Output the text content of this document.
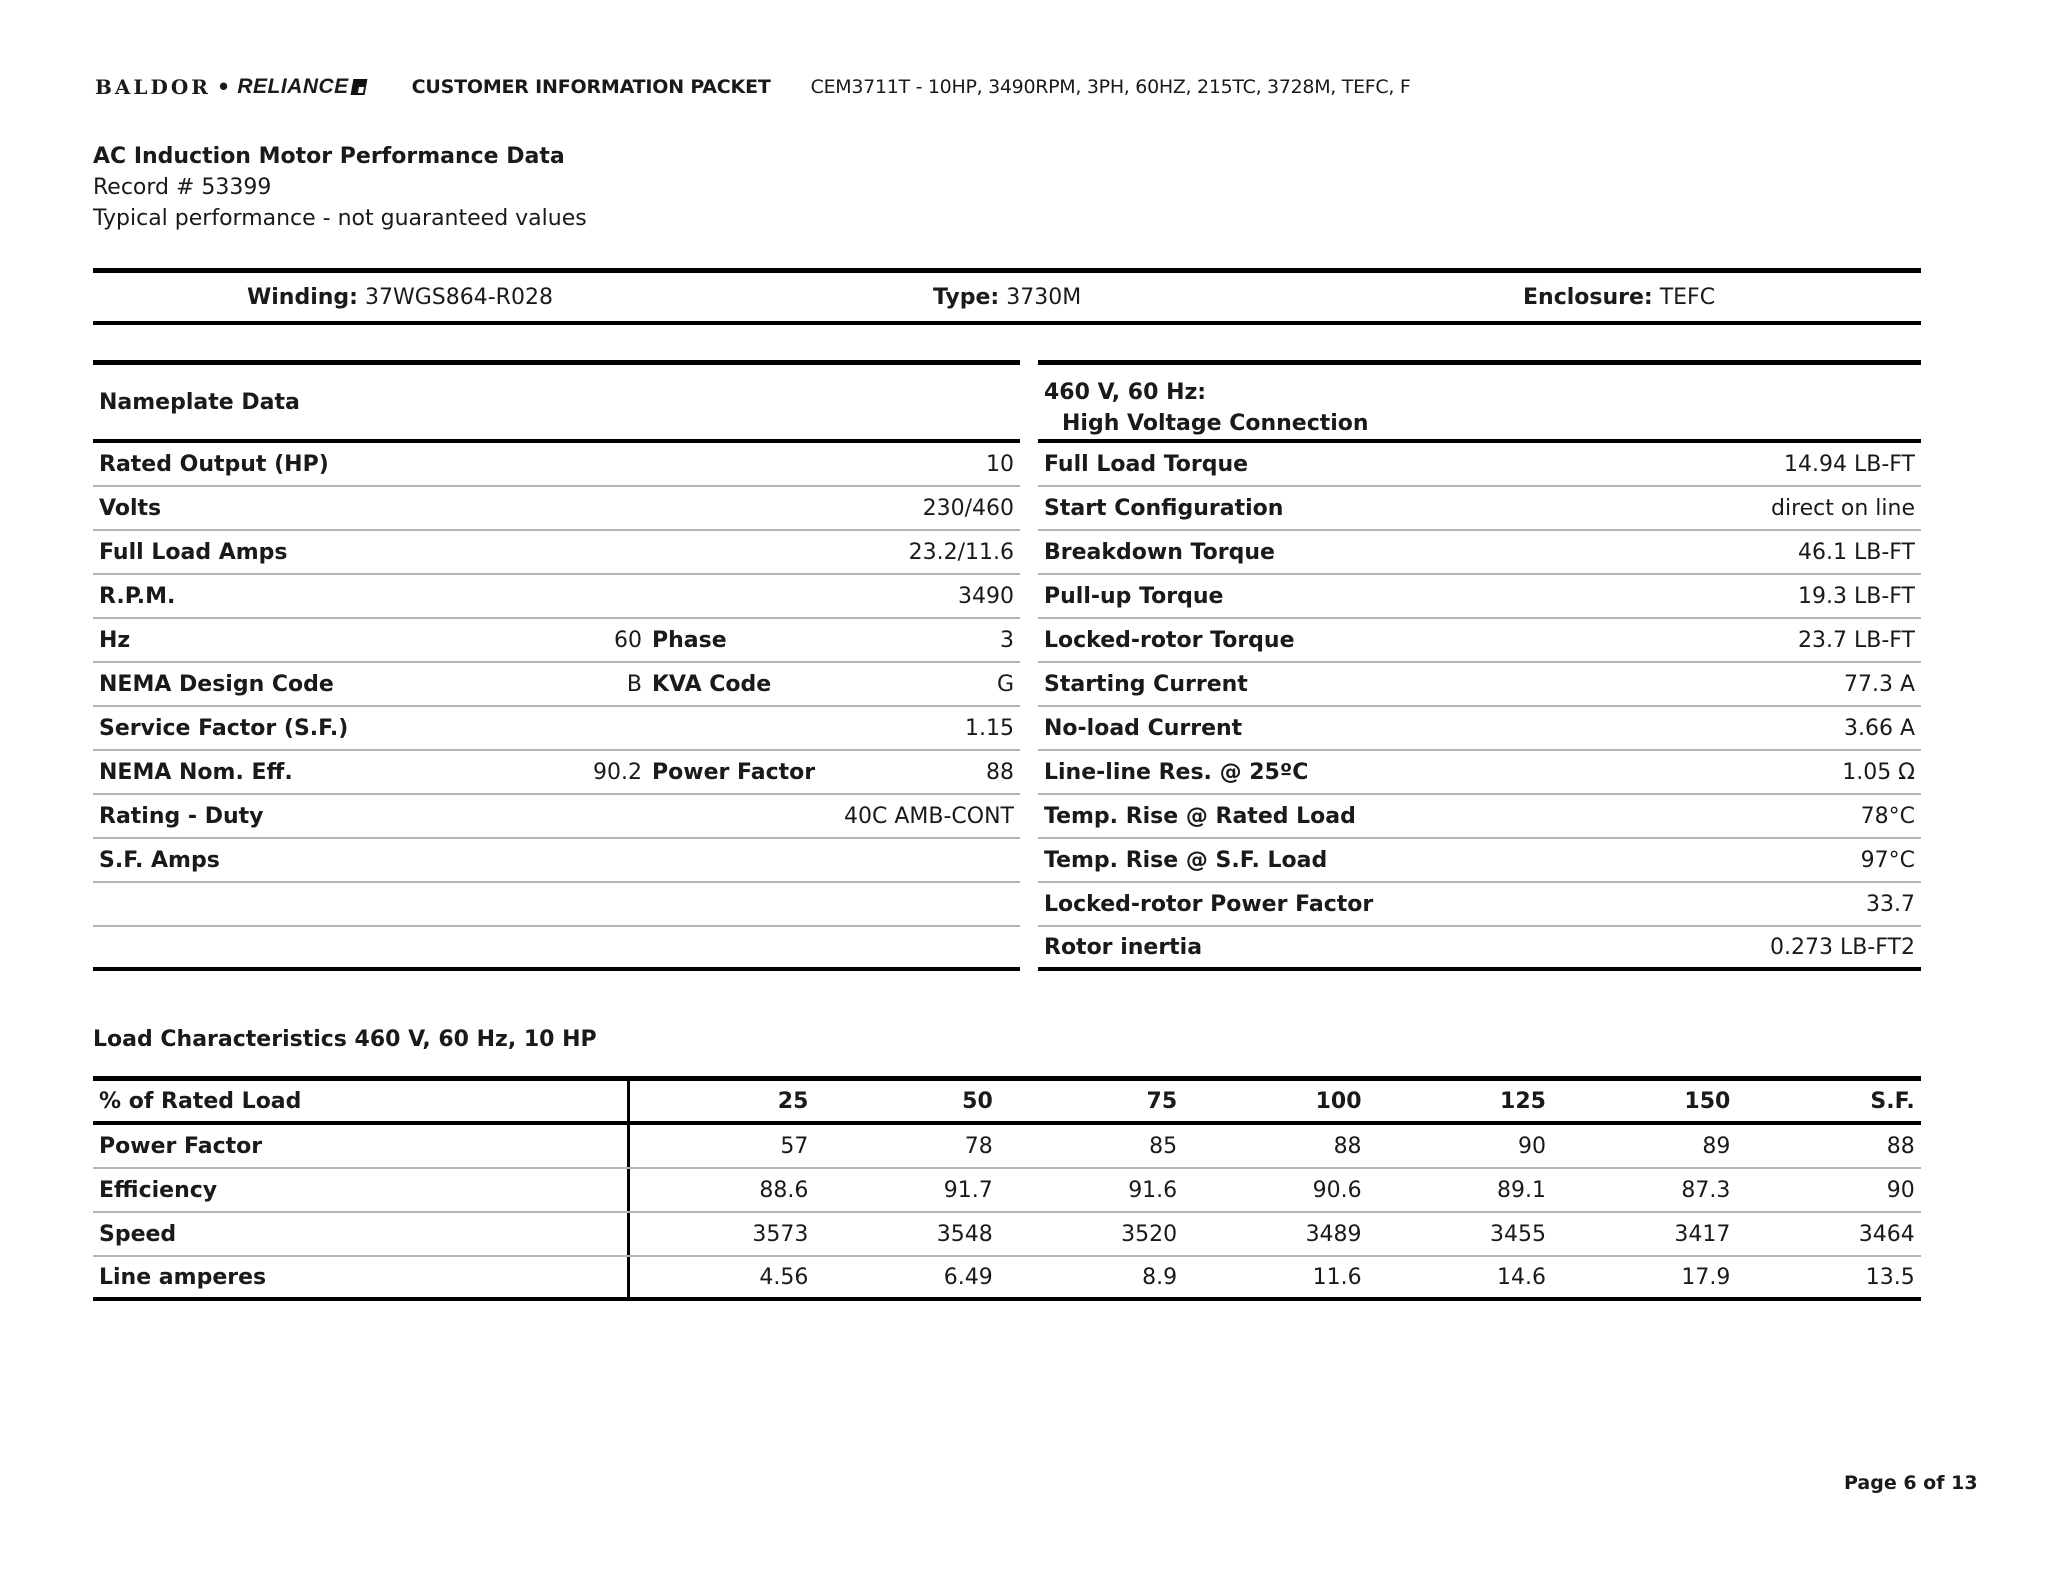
BALDOR • RELIANCE	CUSTOMER INFORMATION PACKET CEM3711T - 10HP, 3490RPM, 3PH, 60HZ, 215TC, 3728M, TEFC, F
AC Induction Motor Performance Data
Record # 53399
Typical performance - not guaranteed values
Winding: 37WGS864-R028	Type: 3730M	Enclosure: TEFC
Nameplate Data
Rated Output (HP)	10
Volts	230/460
Full Load Amps	23.2/11.6
R.P.M.	3490
Hz	60 Phase	3
NEMA Design Code	B KVA Code	G
Service Factor (S.F.)	1.15
NEMA Nom. Eff.	90.2 Power Factor	88
Rating - Duty	40C AMB-CONT
S.F. Amps
460 V, 60 Hz:
High Voltage Connection
Full Load Torque	14.94 LB-FT
Start Configuration	direct on line
Breakdown Torque	46.1 LB-FT
Pull-up Torque	19.3 LB-FT
Locked-rotor Torque	23.7 LB-FT
Starting Current	77.3 A
No-load Current	3.66 A
Line-line Res. @ 25ºC	1.05 Ω
Temp. Rise @ Rated Load	78°C
Temp. Rise @ S.F. Load	97°C
Locked-rotor Power Factor	33.7
Rotor inertia	0.273 LB-FT2
Load Characteristics 460 V, 60 Hz, 10 HP
% of Rated Load	25	50	75	100	125	150	S.F.
Power Factor	57	78	85	88	90	89	88
Efficiency	88.6	91.7	91.6	90.6	89.1	87.3	90
Speed	3573	3548	3520	3489	3455	3417	3464
Line amperes	4.56	6.49	8.9	11.6	14.6	17.9	13.5
Page 6 of 13
